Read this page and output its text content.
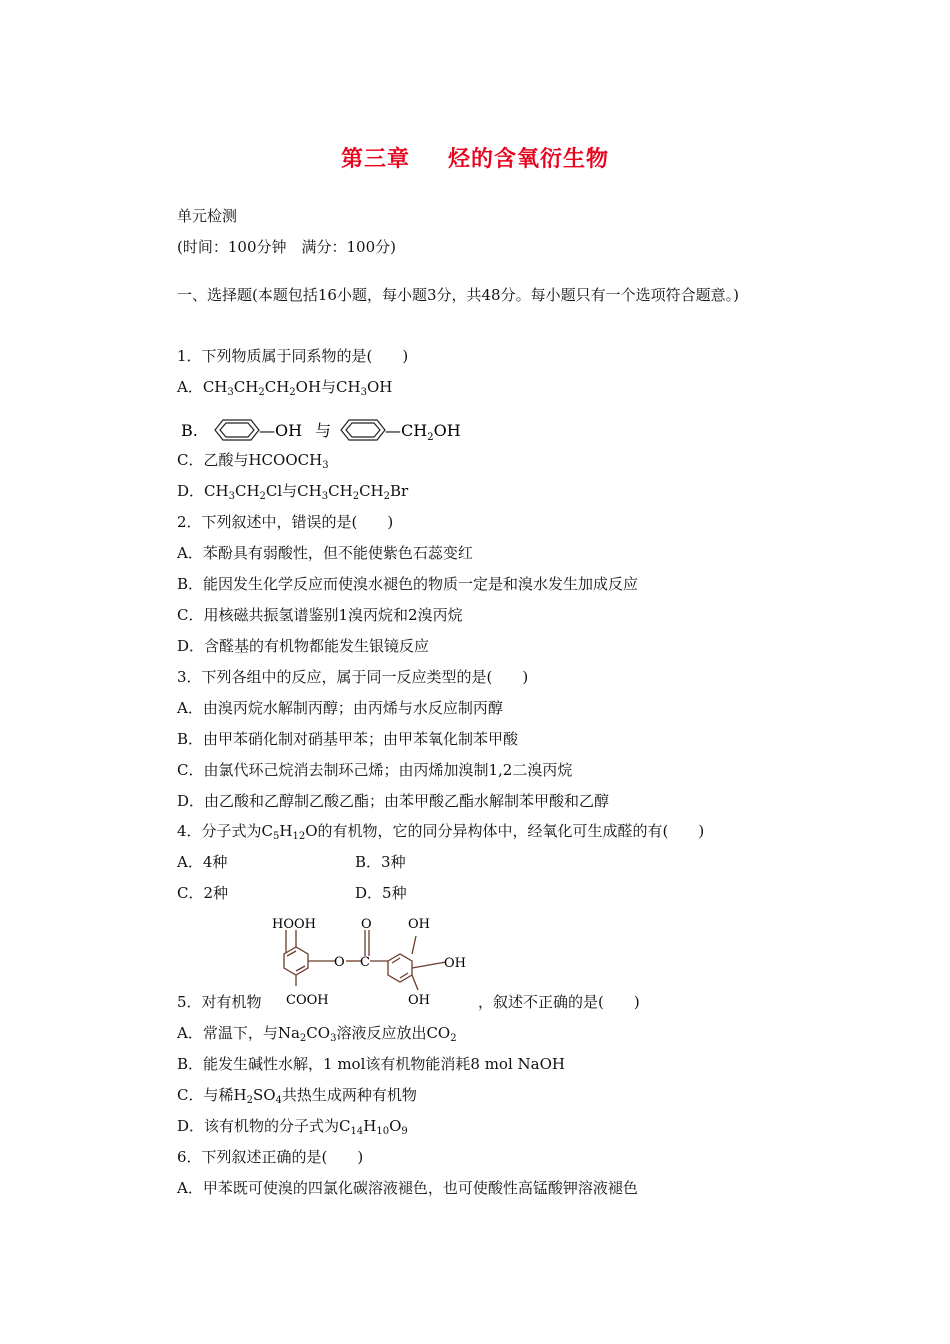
第三章 烃的含氧衍生物
单元检测
(时间：100分钟　满分：100分)
一、选择题(本题包括16小题，每小题3分，共48分。每小题只有一个选项符合题意。)
1．下列物质属于同系物的是(　　)
A．$CH_3CH_2CH_2OH$与$CH_3OH$
B.	—OH 与	$—CH_2OH$
C．乙酸与$HCOOCH_3$
D．$CH_3CH_2Cl$与$CH_3CH_2CH_2Br$
2．下列叙述中，错误的是(　　)
A．苯酚具有弱酸性，但不能使紫色石蕊变红
B．能因发生化学反应而使溴水褪色的物质一定是和溴水发生加成反应
C．用核磁共振氢谱鉴别1溴丙烷和2溴丙烷
D．含醛基的有机物都能发生银镜反应
3．下列各组中的反应，属于同一反应类型的是(　　)
A．由溴丙烷水解制丙醇；由丙烯与水反应制丙醇
B．由甲苯硝化制对硝基甲苯；由甲苯氧化制苯甲酸
C．由氯代环己烷消去制环己烯；由丙烯加溴制1,2二溴丙烷
D．由乙酸和乙醇制乙酸乙酯；由苯甲酸乙酯水解制苯甲酸和乙醇
4．分子式为$C_5H_{12}O$的有机物，它的同分异构体中，经氧化可生成醛的有(　　)
A．4种	B．3种
C．2种	D．5种
HOOH	O	OH
O C	OH
COOH	OH
5．对有机物	，叙述不正确的是(　　)
A．常温下，与$Na_2CO_3$溶液反应放出$CO_2$
B．能发生碱性水解，1 mol该有机物能消耗8 mol NaOH
C．与稀$H_2SO_4$共热生成两种有机物
D．该有机物的分子式为$C_{14}H_{10}O_9$
6．下列叙述正确的是(　　)
A．甲苯既可使溴的四氯化碳溶液褪色，也可使酸性高锰酸钾溶液褪色
